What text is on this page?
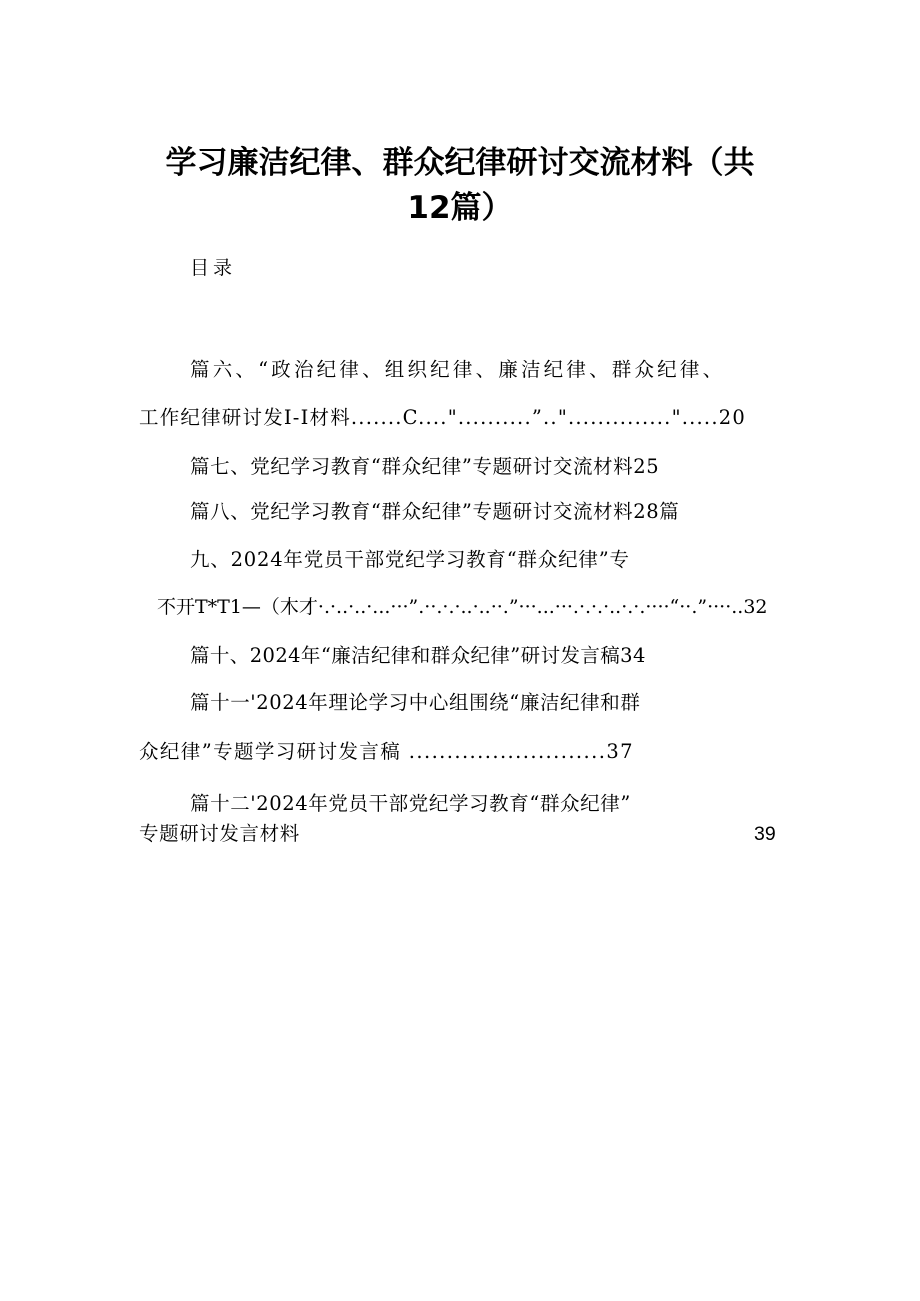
学习廉洁纪律、群众纪律研讨交流材料（共
12篇）
目录
篇六、“政治纪律、组织纪律、廉洁纪律、群众纪律、
工作纪律研讨发I-I材料.......C...."..........”.."..............".....20
篇七、党纪学习教育“群众纪律”专题研讨交流材料25
篇八、党纪学习教育“群众纪律”专题研讨交流材料28篇
九、2024年党员干部党纪学习教育“群众纪律”专
不开T*T1—（木才·.·..·..·...···”.··.·.·..·..··.”···...···.·.·.·..·.·.····“··.”····..32
篇十、2024年“廉洁纪律和群众纪律”研讨发言稿34
篇十一'2024年理论学习中心组围绕“廉洁纪律和群
众纪律”专题学习研讨发言稿 ..........................37
篇十二'2024年党员干部党纪学习教育“群众纪律”
专题研讨发言材料	39
